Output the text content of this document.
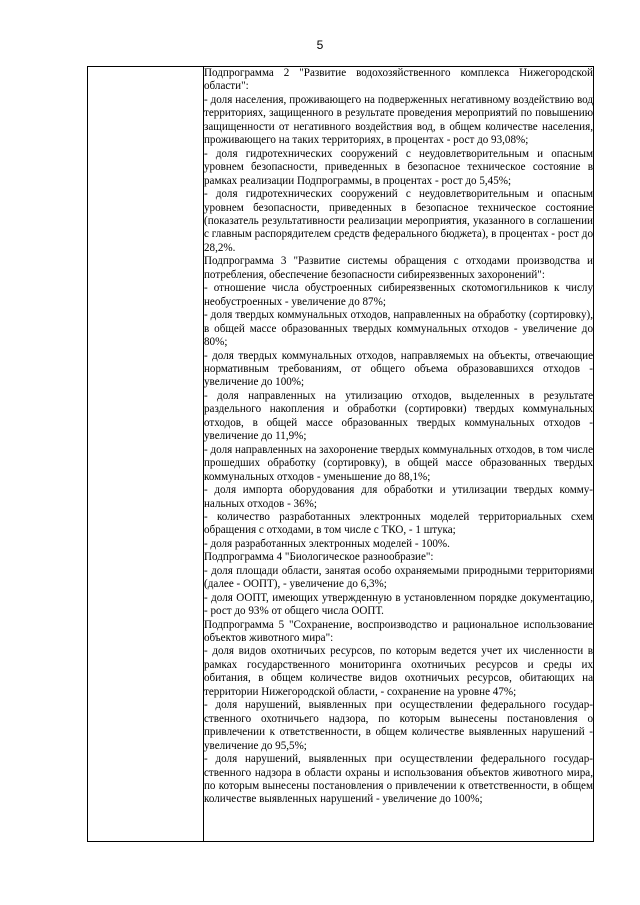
5

Подпрограмма 2 "Развитие водохозяйственного комплекса Нижегородской области":

- доля населения, проживающего на подверженных негативному воздействию вод территориях, защищенного в результате проведения мероприятий по повышению защищенности от негативного воздействия вод, в общем количестве населения, проживающего на таких территориях, в процентах - рост до 93,08%;

- доля гидротехнических сооружений с неудовлетворительным и опасным уровнем безопасности, приведенных в безопасное техническое состояние в рамках реализации Подпрограммы, в процентах - рост до 5,45%;

- доля гидротехнических сооружений с неудовлетворительным и опасным уровнем безопасности, приведенных в безопасное техническое состояние (показатель результативности реализации мероприятия, указанного в соглашении с главным распорядителем средств федерального бюджета), в процентах - рост до 28,2%.

Подпрограмма 3 "Развитие системы обращения с отходами производства и потребления, обеспечение безопасности сибиреязвенных захоронений":

- отношение числа обустроенных сибиреязвенных скотомогильников к числу необустроенных - увеличение до 87%;

- доля твердых коммунальных отходов, направленных на обработку (сортировку), в общей массе образованных твердых коммунальных отходов - увеличение до 80%;

- доля твердых коммунальных отходов, направляемых на объекты, отвечающие нормативным требованиям, от общего объема образовавшихся отходов - увеличение до 100%;

- доля направленных на утилизацию отходов, выделенных в результате раздельного накопления и обработки (сортировки) твердых коммунальных отходов, в общей массе образованных твердых коммунальных отходов - увеличение до 11,9%;

- доля направленных на захоронение твердых коммунальных отходов, в том числе прошедших обработку (сортировку), в общей массе образованных твердых коммунальных отходов - уменьшение до 88,1%;

- доля импорта оборудования для обработки и утилизации твердых коммунальных отходов - 36%;

- количество разработанных электронных моделей территориальных схем обращения с отходами, в том числе с ТКО, - 1 штука;

- доля разработанных электронных моделей - 100%.

Подпрограмма 4 "Биологическое разнообразие":

- доля площади области, занятая особо охраняемыми природными территориями (далее - ООПТ), - увеличение до 6,3%;

- доля ООПТ, имеющих утвержденную в установленном порядке документацию, - рост до 93% от общего числа ООПТ.

Подпрограмма 5 "Сохранение, воспроизводство и рациональное использование объектов животного мира":

- доля видов охотничьих ресурсов, по которым ведется учет их численности в рамках государственного мониторинга охотничьих ресурсов и среды их обитания, в общем количестве видов охотничьих ресурсов, обитающих на территории Нижегородской области, - сохранение на уровне 47%;

- доля нарушений, выявленных при осуществлении федерального государственного охотничьего надзора, по которым вынесены постановления о привлечении к ответственности, в общем количестве выявленных нарушений - увеличение до 95,5%;

- доля нарушений, выявленных при осуществлении федерального государственного надзора в области охраны и использования объектов животного мира, по которым вынесены постановления о привлечении к ответственности, в общем количестве выявленных нарушений - увеличение до 100%;
